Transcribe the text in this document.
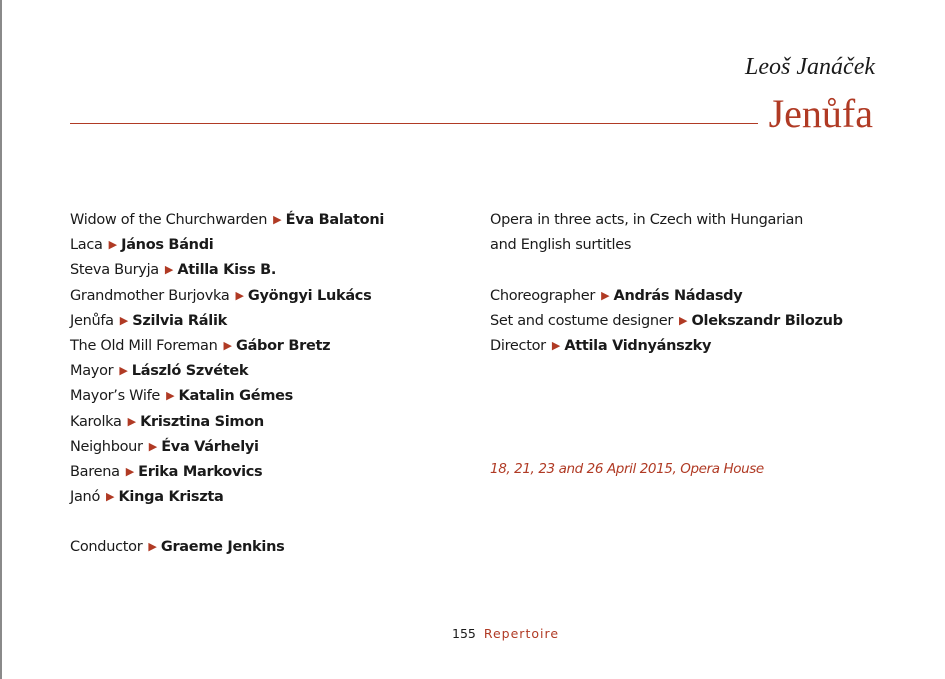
Leoš Janáček
Jenůfa
Widow of the Churchwarden ▶ Éva Balatoni
Laca ▶ János Bándi
Steva Buryja ▶ Atilla Kiss B.
Grandmother Burjovka ▶ Gyöngyi Lukács
Jenůfa ▶ Szilvia Rálik
The Old Mill Foreman ▶ Gábor Bretz
Mayor ▶ László Szvétek
Mayor’s Wife ▶ Katalin Gémes
Karolka ▶ Krisztina Simon
Neighbour ▶ Éva Várhelyi
Barena ▶ Erika Markovics
Janó ▶ Kinga Kriszta
Conductor ▶ Graeme Jenkins
Opera in three acts, in Czech with Hungarian
and English surtitles
Choreographer ▶ András Nádasdy
Set and costume designer ▶ Olekszandr Bilozub
Director ▶ Attila Vidnyánszky
18, 21, 23 and 26 April 2015, Opera House
155 Repertoire
